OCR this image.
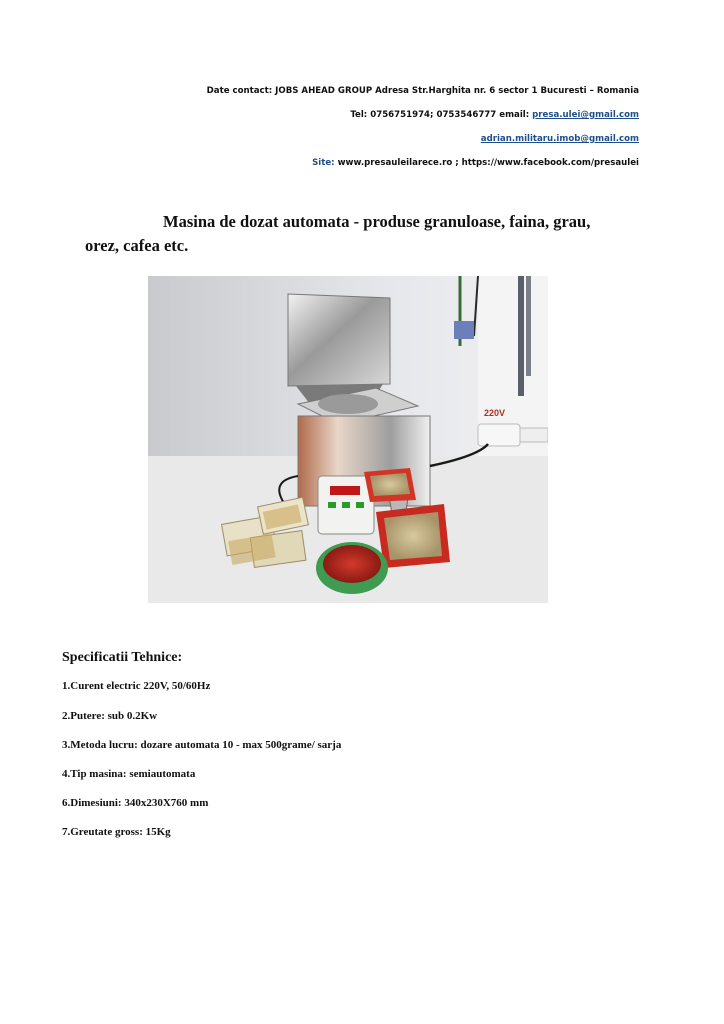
Date contact: JOBS AHEAD GROUP Adresa Str.Harghita nr. 6 sector 1 Bucuresti – Romania
Tel: 0756751974; 0753546777 email: presa.ulei@gmail.com
adrian.militaru.imob@gmail.com
Site: www.presauleilarece.ro ; https://www.facebook.com/presaulei
Masina de dozat automata - produse granuloase, faina, grau,
orez, cafea etc.
220V
Specificatii Tehnice:
1.Curent electric 220V, 50/60Hz
2.Putere: sub 0.2Kw
3.Metoda lucru: dozare automata 10 - max 500grame/ sarja
4.Tip masina: semiautomata
6.Dimesiuni: 340x230X760 mm
7.Greutate gross: 15Kg
